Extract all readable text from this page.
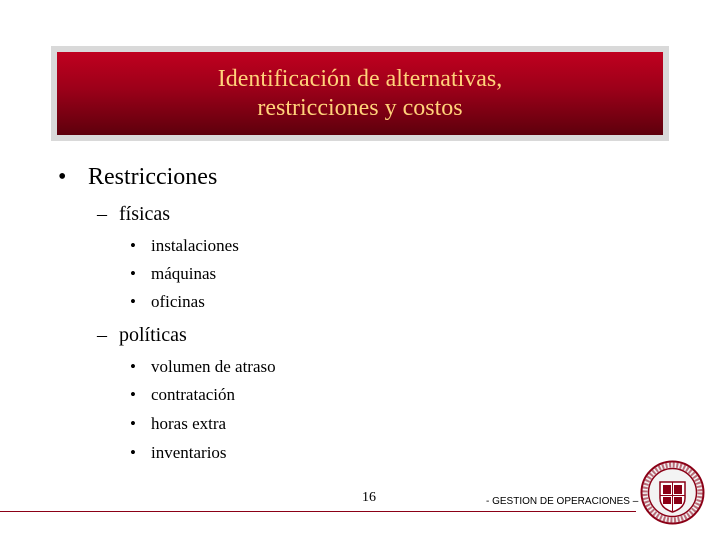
Identificación de alternativas,
restricciones y costos
• Restricciones
– físicas
• instalaciones
• máquinas
• oficinas
– políticas
• volumen de atraso
• contratación
• horas extra
• inventarios
16	- GESTION DE OPERACIONES –
